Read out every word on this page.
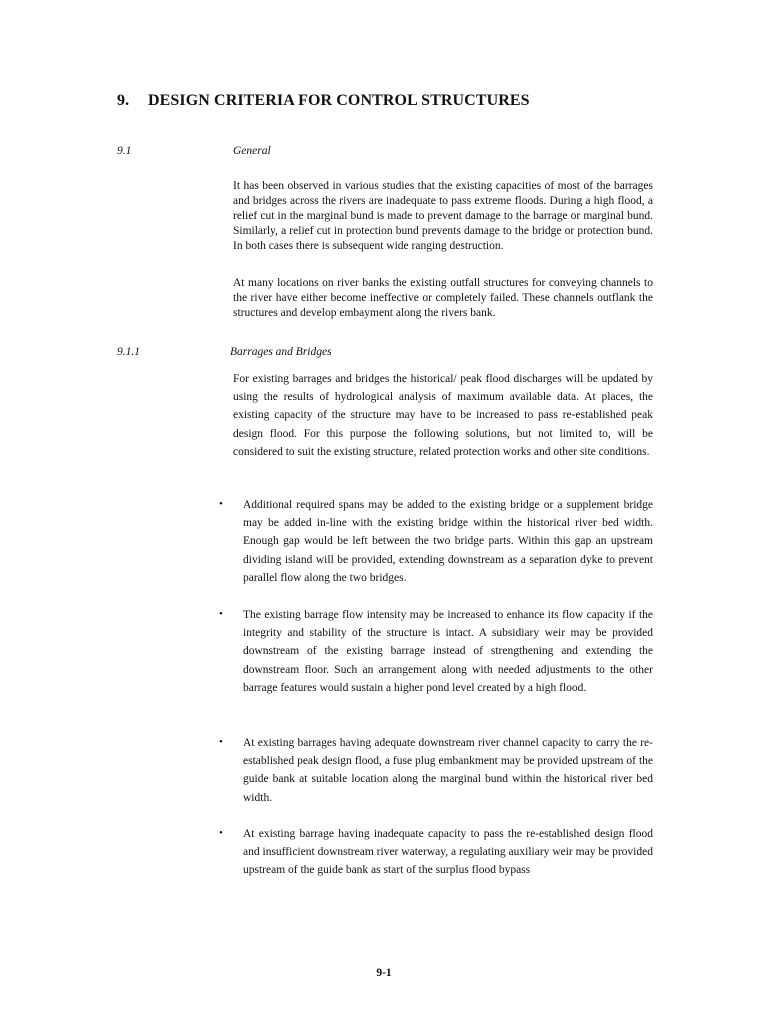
9. DESIGN CRITERIA FOR CONTROL STRUCTURES
9.1	General

It has been observed in various studies that the existing capacities of most of the barrages and bridges across the rivers are inadequate to pass extreme floods. During a high flood, a relief cut in the marginal bund is made to prevent damage to the barrage or marginal bund. Similarly, a relief cut in protection bund prevents damage to the bridge or protection bund. In both cases there is subsequent wide ranging destruction.

At many locations on river banks the existing outfall structures for conveying channels to the river have either become ineffective or completely failed. These channels outflank the structures and develop embayment along the rivers bank.

9.1.1	Barrages and Bridges

For existing barrages and bridges the historical/ peak flood discharges will be updated by using the results of hydrological analysis of maximum available data. At places, the existing capacity of the structure may have to be increased to pass re-established peak design flood. For this purpose the following solutions, but not limited to, will be considered to suit the existing structure, related protection works and other site conditions.

• Additional required spans may be added to the existing bridge or a supplement bridge may be added in-line with the existing bridge within the historical river bed width. Enough gap would be left between the two bridge parts. Within this gap an upstream dividing island will be provided, extending downstream as a separation dyke to prevent parallel flow along the two bridges.

• The existing barrage flow intensity may be increased to enhance its flow capacity if the integrity and stability of the structure is intact. A subsidiary weir may be provided downstream of the existing barrage instead of strengthening and extending the downstream floor. Such an arrangement along with needed adjustments to the other barrage features would sustain a higher pond level created by a high flood.

• At existing barrages having adequate downstream river channel capacity to carry the re-established peak design flood, a fuse plug embankment may be provided upstream of the guide bank at suitable location along the marginal bund within the historical river bed width.

• At existing barrage having inadequate capacity to pass the re-established design flood and insufficient downstream river waterway, a regulating auxiliary weir may be provided upstream of the guide bank as start of the surplus flood bypass

9-1
